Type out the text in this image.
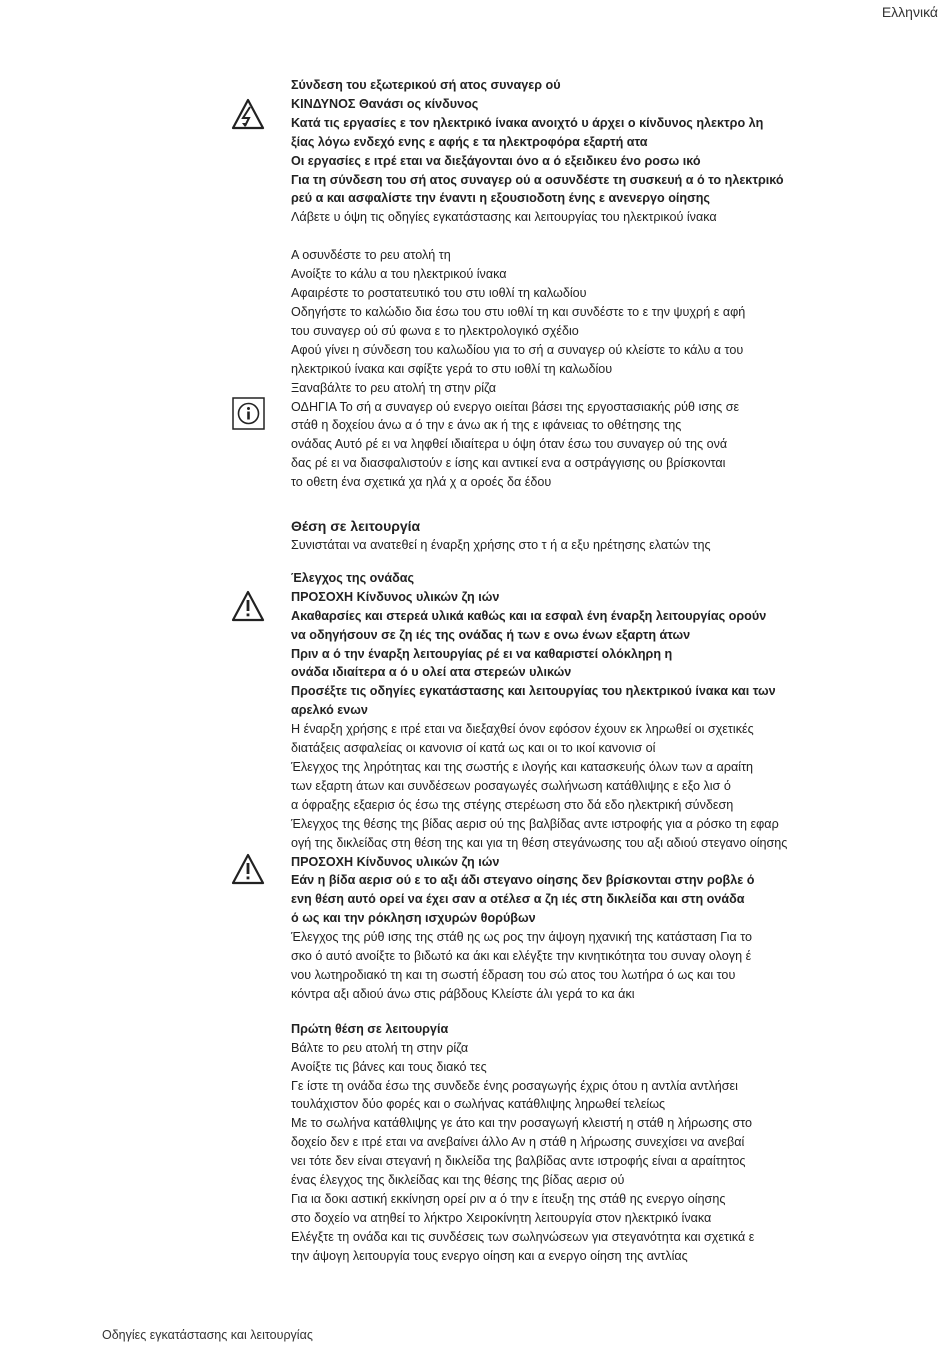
Ελληνικά
Σύνδεση του εξωτερικού σή ατος συναγερ ού
ΚΙΝΔΥΝΟΣ Θανάσι ος κίνδυνος
Κατά τις εργασίες ε τον ηλεκτρικό ίνακα ανοιχτό υ άρχει ο κίνδυνος ηλεκτρο λη
ξίας λόγω ενδεχό ενης ε αφής ε τα ηλεκτροφόρα εξαρτή ατα
Οι εργασίες ε ιτρέ εται να διεξάγονται όνο α ό εξειδικευ ένο ροσω ικό
Για τη σύνδεση του σή ατος συναγερ ού α οσυνδέστε τη συσκευή α ό το ηλεκτρικό
ρεύ α και ασφαλίστε την έναντι η εξουσιοδοτη ένης ε ανενεργο οίησης
Λάβετε υ όψη τις οδηγίες εγκατάστασης και λειτουργίας του ηλεκτρικού ίνακα
Α οσυνδέστε το ρευ ατολή τη
Ανοίξτε το κάλυ α του ηλεκτρικού ίνακα
Αφαιρέστε το ροστατευτικό του στυ ιοθλί τη καλωδίου
Οδηγήστε το καλώδιο δια έσω του στυ ιοθλί τη και συνδέστε το ε την ψυχρή ε αφή
του συναγερ ού σύ φωνα ε το ηλεκτρολογικό σχέδιο
Αφού γίνει η σύνδεση του καλωδίου για το σή α συναγερ ού κλείστε το κάλυ α του
ηλεκτρικού ίνακα και σφίξτε γερά το στυ ιοθλί τη καλωδίου
Ξαναβάλτε το ρευ ατολή τη στην ρίζα
ΟΔΗΓΙΑ Το σή α συναγερ ού ενεργο οιείται βάσει της εργοστασιακής ρύθ ισης σε
στάθ η δοχείου άνω α ό την ε άνω ακ ή της ε ιφάνειας το οθέτησης της
ονάδας Αυτό ρέ ει να ληφθεί ιδιαίτερα υ όψη όταν έσω του συναγερ ού της ονά
δας ρέ ει να διασφαλιστούν ε ίσης και αντικεί ενα α οστράγγισης ου βρίσκονται
το οθετη ένα σχετικά χα ηλά χ α οροές δα έδου
Θέση σε λειτουργία
Συνιστάται να ανατεθεί η έναρξη χρήσης στο τ ή α εξυ ηρέτησης ελατών της
Έλεγχος της ονάδας
ΠΡΟΣΟΧΗ Κίνδυνος υλικών ζη ιών
Ακαθαρσίες και στερεά υλικά καθώς και ια εσφαλ ένη έναρξη λειτουργίας ορούν
να οδηγήσουν σε ζη ιές της ονάδας ή των ε ονω ένων εξαρτη άτων
Πριν α ό την έναρξη λειτουργίας ρέ ει να καθαριστεί ολόκληρη η
ονάδα ιδιαίτερα α ό υ ολεί ατα στερεών υλικών
Προσέξτε τις οδηγίες εγκατάστασης και λειτουργίας του ηλεκτρικού ίνακα και των
αρελκό ενων
Η έναρξη χρήσης ε ιτρέ εται να διεξαχθεί όνον εφόσον έχουν εκ ληρωθεί οι σχετικές
διατάξεις ασφαλείας οι κανονισ οί κατά ως και οι το ικοί κανονισ οί
Έλεγχος της ληρότητας και της σωστής ε ιλογής και κατασκευής όλων των α αραίτη
των εξαρτη άτων και συνδέσεων ροσαγωγές σωλήνωση κατάθλιψης ε εξο λισ ό
α όφραξης εξαερισ ός έσω της στέγης στερέωση στο δά εδο ηλεκτρική σύνδεση
Έλεγχος της θέσης της βίδας αερισ ού της βαλβίδας αντε ιστροφής για α ρόσκο τη εφαρ
ογή της δικλείδας στη θέση της και για τη θέση στεγάνωσης του αξι αδιού στεγανο οίησης
ΠΡΟΣΟΧΗ Κίνδυνος υλικών ζη ιών
Εάν η βίδα αερισ ού ε το αξι άδι στεγανο οίησης δεν βρίσκονται στην ροβλε ό
ενη θέση αυτό ορεί να έχει σαν α οτέλεσ α ζη ιές στη δικλείδα και στη ονάδα
ό ως και την ρόκληση ισχυρών θορύβων
Έλεγχος της ρύθ ισης της στάθ ης ως ρος την άψογη ηχανική της κατάσταση Για το
σκο ό αυτό ανοίξτε το βιδωτό κα άκι και ελέγξτε την κινητικότητα του συναγ ολογη έ
νου λωτηροδιακό τη και τη σωστή έδραση του σώ ατος του λωτήρα ό ως και του
κόντρα αξι αδιού άνω στις ράβδους Κλείστε άλι γερά το κα άκι
Πρώτη θέση σε λειτουργία
Βάλτε το ρευ ατολή τη στην ρίζα
Ανοίξτε τις βάνες και τους διακό τες
Γε ίστε τη ονάδα έσω της συνδεδε ένης ροσαγωγής έχρις ότου η αντλία αντλήσει
τουλάχιστον δύο φορές και ο σωλήνας κατάθλιψης ληρωθεί τελείως
Με το σωλήνα κατάθλιψης γε άτο και την ροσαγωγή κλειστή η στάθ η λήρωσης στο
δοχείο δεν ε ιτρέ εται να ανεβαίνει άλλο Αν η στάθ η λήρωσης συνεχίσει να ανεβαί
νει τότε δεν είναι στεγανή η δικλείδα της βαλβίδας αντε ιστροφής είναι α αραίτητος
ένας έλεγχος της δικλείδας και της θέσης της βίδας αερισ ού
Για ια δοκι αστική εκκίνηση ορεί ριν α ό την ε ίτευξη της στάθ ης ενεργο οίησης
στο δοχείο να ατηθεί το λήκτρο Χειροκίνητη λειτουργία στον ηλεκτρικό ίνακα
Ελέγξτε τη ονάδα και τις συνδέσεις των σωληνώσεων για στεγανότητα και σχετικά ε
την άψογη λειτουργία τους ενεργο οίηση και α ενεργο οίηση της αντλίας
Οδηγίες εγκατάστασης και λειτουργίας
